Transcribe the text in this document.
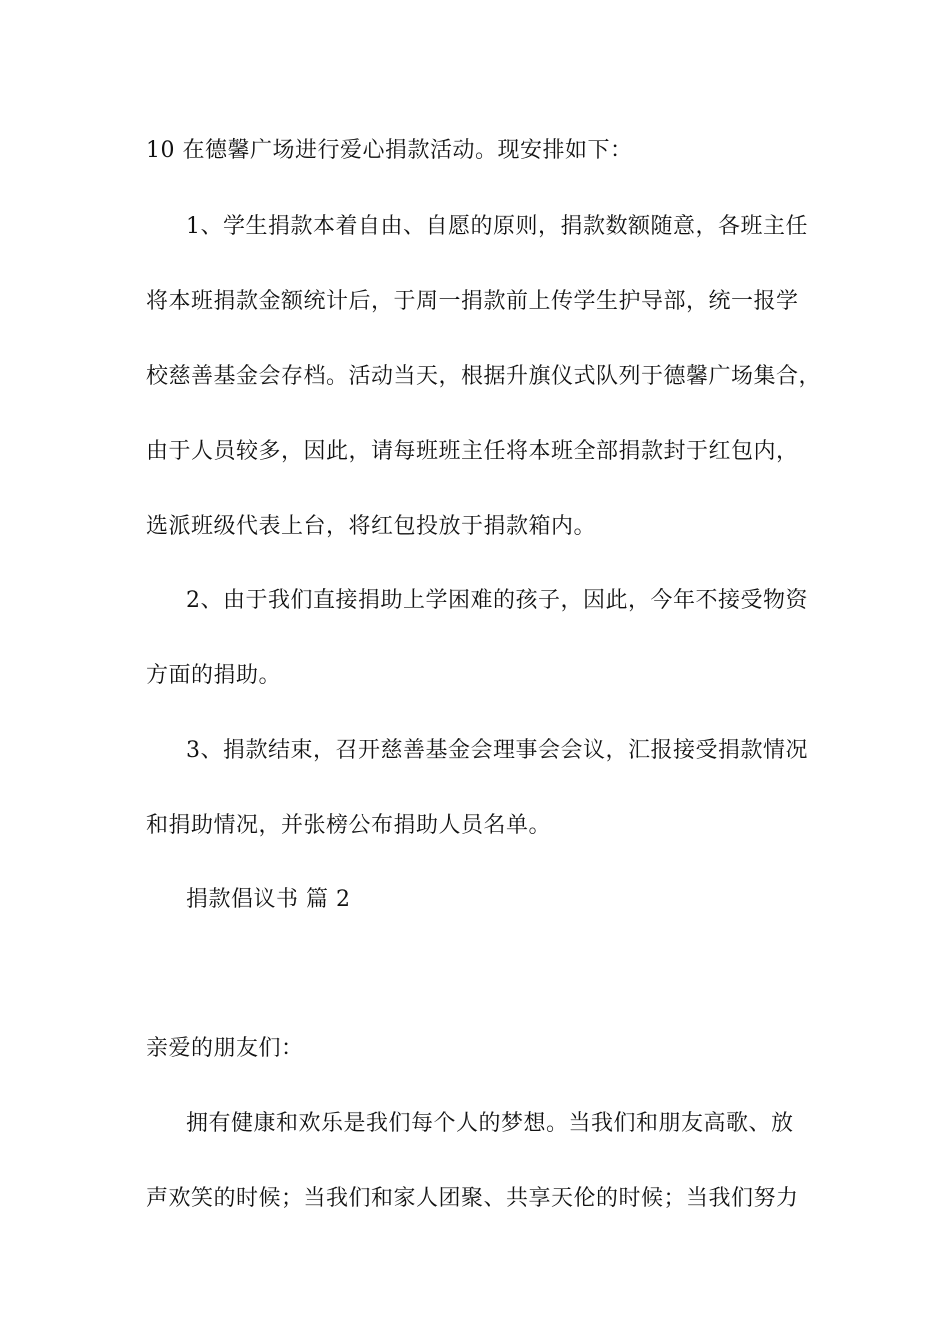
10 在德馨广场进行爱心捐款活动。现安排如下：
1、学生捐款本着自由、自愿的原则，捐款数额随意，各班主任
将本班捐款金额统计后，于周一捐款前上传学生护导部，统一报学
校慈善基金会存档。活动当天，根据升旗仪式队列于德馨广场集合，
由于人员较多，因此，请每班班主任将本班全部捐款封于红包内，
选派班级代表上台，将红包投放于捐款箱内。
2、由于我们直接捐助上学困难的孩子，因此，今年不接受物资
方面的捐助。
3、捐款结束，召开慈善基金会理事会会议，汇报接受捐款情况
和捐助情况，并张榜公布捐助人员名单。
捐款倡议书 篇 2
亲爱的朋友们：
拥有健康和欢乐是我们每个人的梦想。当我们和朋友高歌、放
声欢笑的时候；当我们和家人团聚、共享天伦的时候；当我们努力
